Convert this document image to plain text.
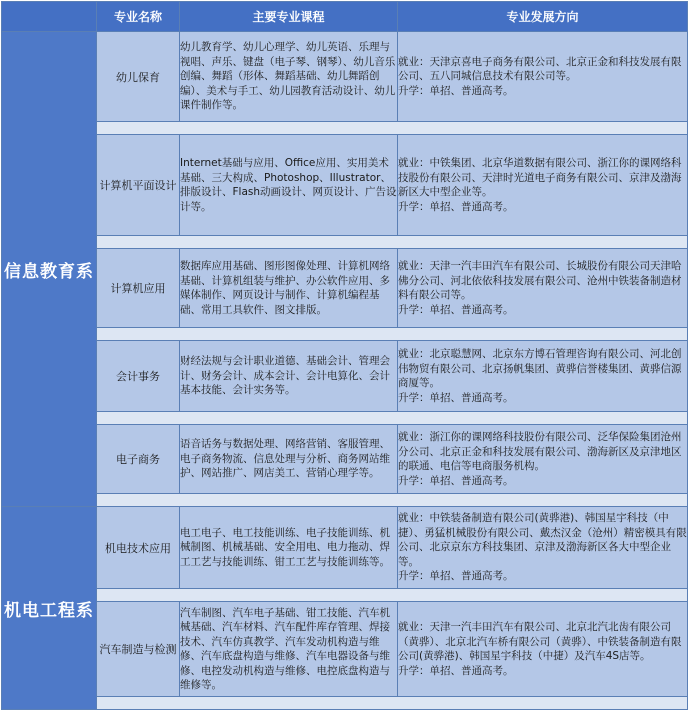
	专业名称	主要专业课程	专业发展方向
信息教育系	幼儿保育	幼儿教育学、幼儿心理学、幼儿英语、乐理与视唱、声乐、键盘（电子琴、钢琴）、幼儿音乐创编、舞蹈（形体、舞蹈基础、幼儿舞蹈创编）、美术与手工、幼儿园教育活动设计、幼儿课件制作等。	就业：天津京喜电子商务有限公司、北京正金和科技发展有限公司、五八同城信息技术有限公司等。
升学：单招、普通高考。

	计算机平面设计	Internet基础与应用、Office应用、实用美术基础、三大构成、Photoshop、Illustrator、排版设计、Flash动画设计、网页设计、广告设计等。	就业：中铁集团、北京华道数据有限公司、浙江你的课网络科技股份有限公司、天津时光道电子商务有限公司、京津及渤海新区大中型企业等。
升学：单招、普通高考。

	计算机应用	数据库应用基础、图形图像处理、计算机网络基础、计算机组装与维护、办公软件应用、多媒体制作、网页设计与制作、计算机编程基础、常用工具软件、图文排版。	就业：天津一汽丰田汽车有限公司、长城股份有限公司天津哈佛分公司、河北依依科技发展有限公司、沧州中铁装备制造材料有限公司等。
升学：单招、普通高考。

	会计事务	财经法规与会计职业道德、基础会计、管理会计、财务会计、成本会计、会计电算化、会计基本技能、会计实务等。	就业：北京聪慧网、北京东方博石管理咨询有限公司、河北创伟物贸有限公司、北京扬帆集团、黄骅信誉楼集团、黄骅信源商厦等。
升学：单招、普通高考。

	电子商务	语音话务与数据处理、网络营销、客服管理、电子商务物流、信息处理与分析、商务网站维护、网站推广、网店美工、营销心理学等。	就业：浙江你的课网络科技股份有限公司、泛华保险集团沧州分公司、北京正金和科技发展有限公司、渤海新区及京津地区的联通、电信等电商服务机构。
升学：单招、普通高考。

机电工程系	机电技术应用	电工电子、电工技能训练、电子技能训练、机械制图、机械基础、安全用电、电力拖动、焊工工艺与技能训练、钳工工艺与技能训练等。	就业：中铁装备制造有限公司(黄骅港)、韩国星宇科技（中捷）、勇猛机械股份有限公司、戴杰汉金（沧州）精密模具有限公司、北京京东方科技集团、京津及渤海新区各大中型企业等。
升学：单招、普通高考。

	汽车制造与检测	汽车制图、汽车电子基础、钳工技能、汽车机械基础、汽车材料、汽车配件库存管理、焊接技术、汽车仿真教学、汽车发动机构造与维修、汽车底盘构造与维修、汽车电器设备与维修、电控发动机构造与维修、电控底盘构造与维修等。	就业：天津一汽丰田汽车有限公司、北京北汽北齿有限公司（黄骅）、北京北汽车桥有限公司（黄骅）、中铁装备制造有限公司(黄骅港)、韩国星宇科技（中捷）及汽车4S店等。
升学：单招、普通高考。
